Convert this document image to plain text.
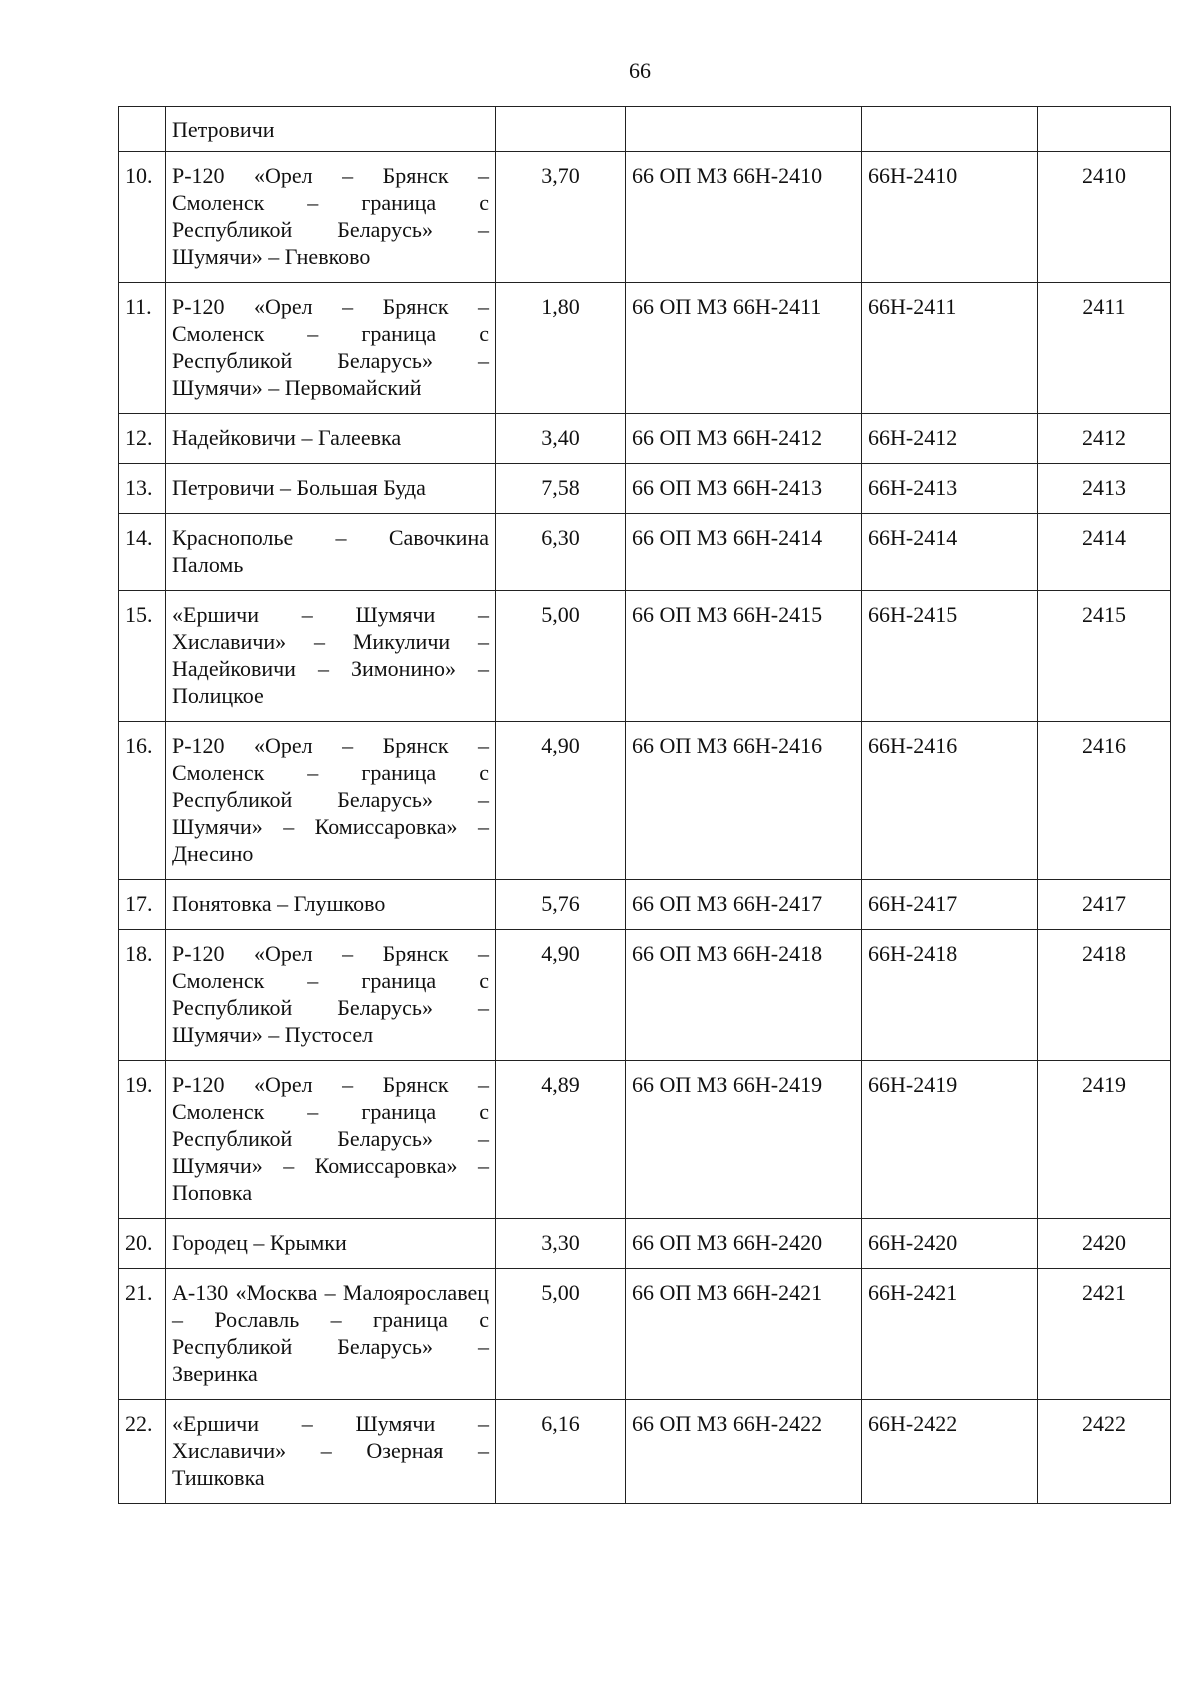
66
	Петровичи				
10.	Р-120 «Орел – Брянск – Смоленск – граница с Республикой Беларусь» – Шумячи» – Гневково	3,70	66 ОП МЗ 66Н-2410	66Н-2410	2410
11.	Р-120 «Орел – Брянск – Смоленск – граница с Республикой Беларусь» – Шумячи» – Первомайский	1,80	66 ОП МЗ 66Н-2411	66Н-2411	2411
12.	Надейковичи – Галеевка	3,40	66 ОП МЗ 66Н-2412	66Н-2412	2412
13.	Петровичи – Большая Буда	7,58	66 ОП МЗ 66Н-2413	66Н-2413	2413
14.	Краснополье – Савочкина Паломь	6,30	66 ОП МЗ 66Н-2414	66Н-2414	2414
15.	«Ершичи – Шумячи – Хиславичи» – Микуличи – Надейковичи – Зимонино» – Полицкое	5,00	66 ОП МЗ 66Н-2415	66Н-2415	2415
16.	Р-120 «Орел – Брянск – Смоленск – граница с Республикой Беларусь» – Шумячи» – Комиссаровка» – Днесино	4,90	66 ОП МЗ 66Н-2416	66Н-2416	2416
17.	Понятовка – Глушково	5,76	66 ОП МЗ 66Н-2417	66Н-2417	2417
18.	Р-120 «Орел – Брянск – Смоленск – граница с Республикой Беларусь» – Шумячи» – Пустосел	4,90	66 ОП МЗ 66Н-2418	66Н-2418	2418
19.	Р-120 «Орел – Брянск – Смоленск – граница с Республикой Беларусь» – Шумячи» – Комиссаровка» – Поповка	4,89	66 ОП МЗ 66Н-2419	66Н-2419	2419
20.	Городец – Крымки	3,30	66 ОП МЗ 66Н-2420	66Н-2420	2420
21.	А-130 «Москва – Малоярославец – Рославль – граница с Республикой Беларусь» – Зверинка	5,00	66 ОП МЗ 66Н-2421	66Н-2421	2421
22.	«Ершичи – Шумячи – Хиславичи» – Озерная – Тишковка	6,16	66 ОП МЗ 66Н-2422	66Н-2422	2422
